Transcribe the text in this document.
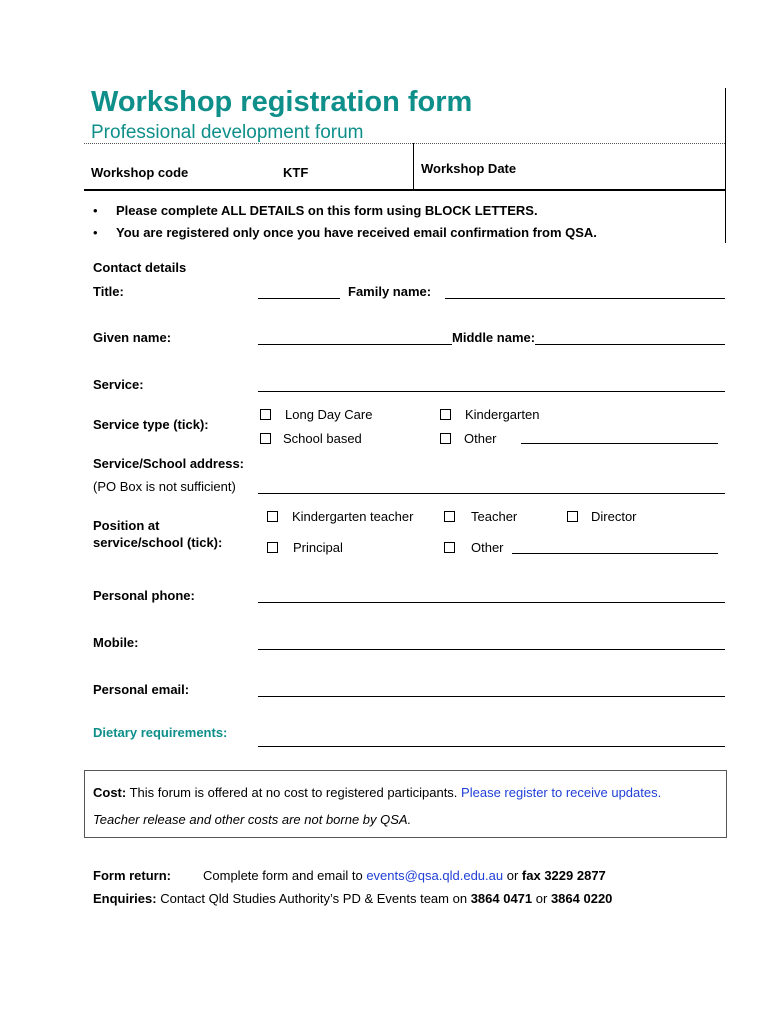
Workshop registration form
Professional development forum
Workshop code	KTF	Workshop Date
• Please complete ALL DETAILS on this form using BLOCK LETTERS.
• You are registered only once you have received email confirmation from QSA.
Contact details
Title:	Family name:
Given name:	Middle name:
Service:
Service type (tick):
Long Day Care	Kindergarten
School based	Other
Service/School address:
(PO Box is not sufficient)
Position at
service/school (tick):
Kindergarten teacher	Teacher	Director
Principal	Other
Personal phone:
Mobile:
Personal email:
Dietary requirements:
Cost: This forum is offered at no cost to registered participants. Please register to receive updates.
Teacher release and other costs are not borne by QSA.
Form return: Complete form and email to events@qsa.qld.edu.au or fax 3229 2877
Enquiries: Contact Qld Studies Authority’s PD & Events team on 3864 0471 or 3864 0220
